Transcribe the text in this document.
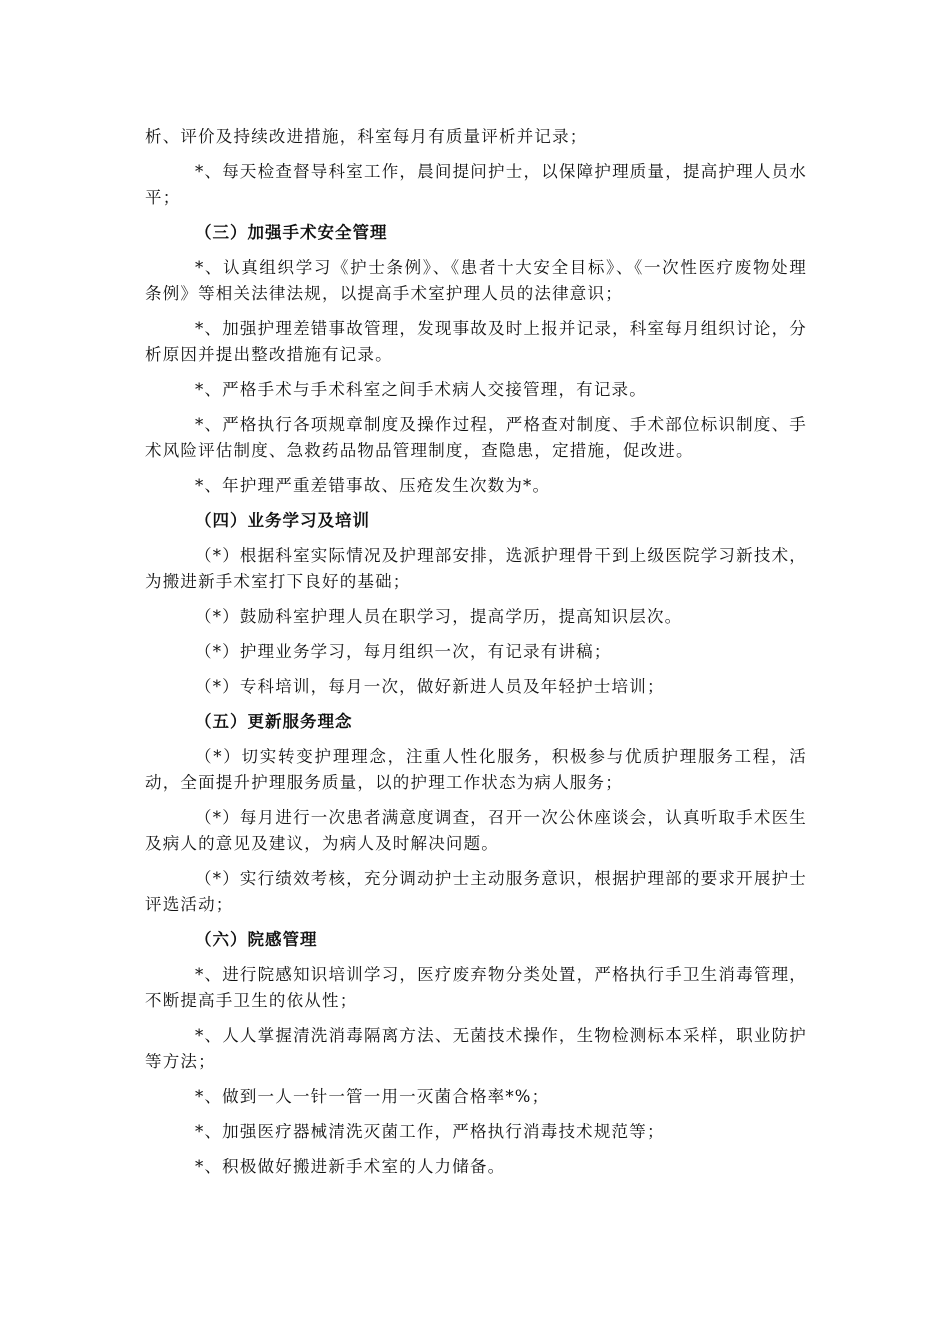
析、评价及持续改进措施，科室每月有质量评析并记录；

*、每天检查督导科室工作，晨间提问护士，以保障护理质量，提高护理人员水平；

（三）加强手术安全管理

*、认真组织学习《护士条例》、《患者十大安全目标》、《一次性医疗废物处理条例》等相关法律法规，以提高手术室护理人员的法律意识；

*、加强护理差错事故管理，发现事故及时上报并记录，科室每月组织讨论，分析原因并提出整改措施有记录。

*、严格手术与手术科室之间手术病人交接管理，有记录。

*、严格执行各项规章制度及操作过程，严格查对制度、手术部位标识制度、手术风险评估制度、急救药品物品管理制度，查隐患，定措施，促改进。

*、年护理严重差错事故、压疮发生次数为*。

（四）业务学习及培训

（*）根据科室实际情况及护理部安排，选派护理骨干到上级医院学习新技术，为搬进新手术室打下良好的基础；

（*）鼓励科室护理人员在职学习，提高学历，提高知识层次。

（*）护理业务学习，每月组织一次，有记录有讲稿；

（*）专科培训，每月一次，做好新进人员及年轻护士培训；

（五）更新服务理念

（*）切实转变护理理念，注重人性化服务，积极参与优质护理服务工程，活动，全面提升护理服务质量，以的护理工作状态为病人服务；

（*）每月进行一次患者满意度调查，召开一次公休座谈会，认真听取手术医生及病人的意见及建议，为病人及时解决问题。

（*）实行绩效考核，充分调动护士主动服务意识，根据护理部的要求开展护士评选活动；

（六）院感管理

*、进行院感知识培训学习，医疗废弃物分类处置，严格执行手卫生消毒管理，不断提高手卫生的依从性；

*、人人掌握清洗消毒隔离方法、无菌技术操作，生物检测标本采样，职业防护等方法；

*、做到一人一针一管一用一灭菌合格率*%；

*、加强医疗器械清洗灭菌工作，严格执行消毒技术规范等；

*、积极做好搬进新手术室的人力储备。
